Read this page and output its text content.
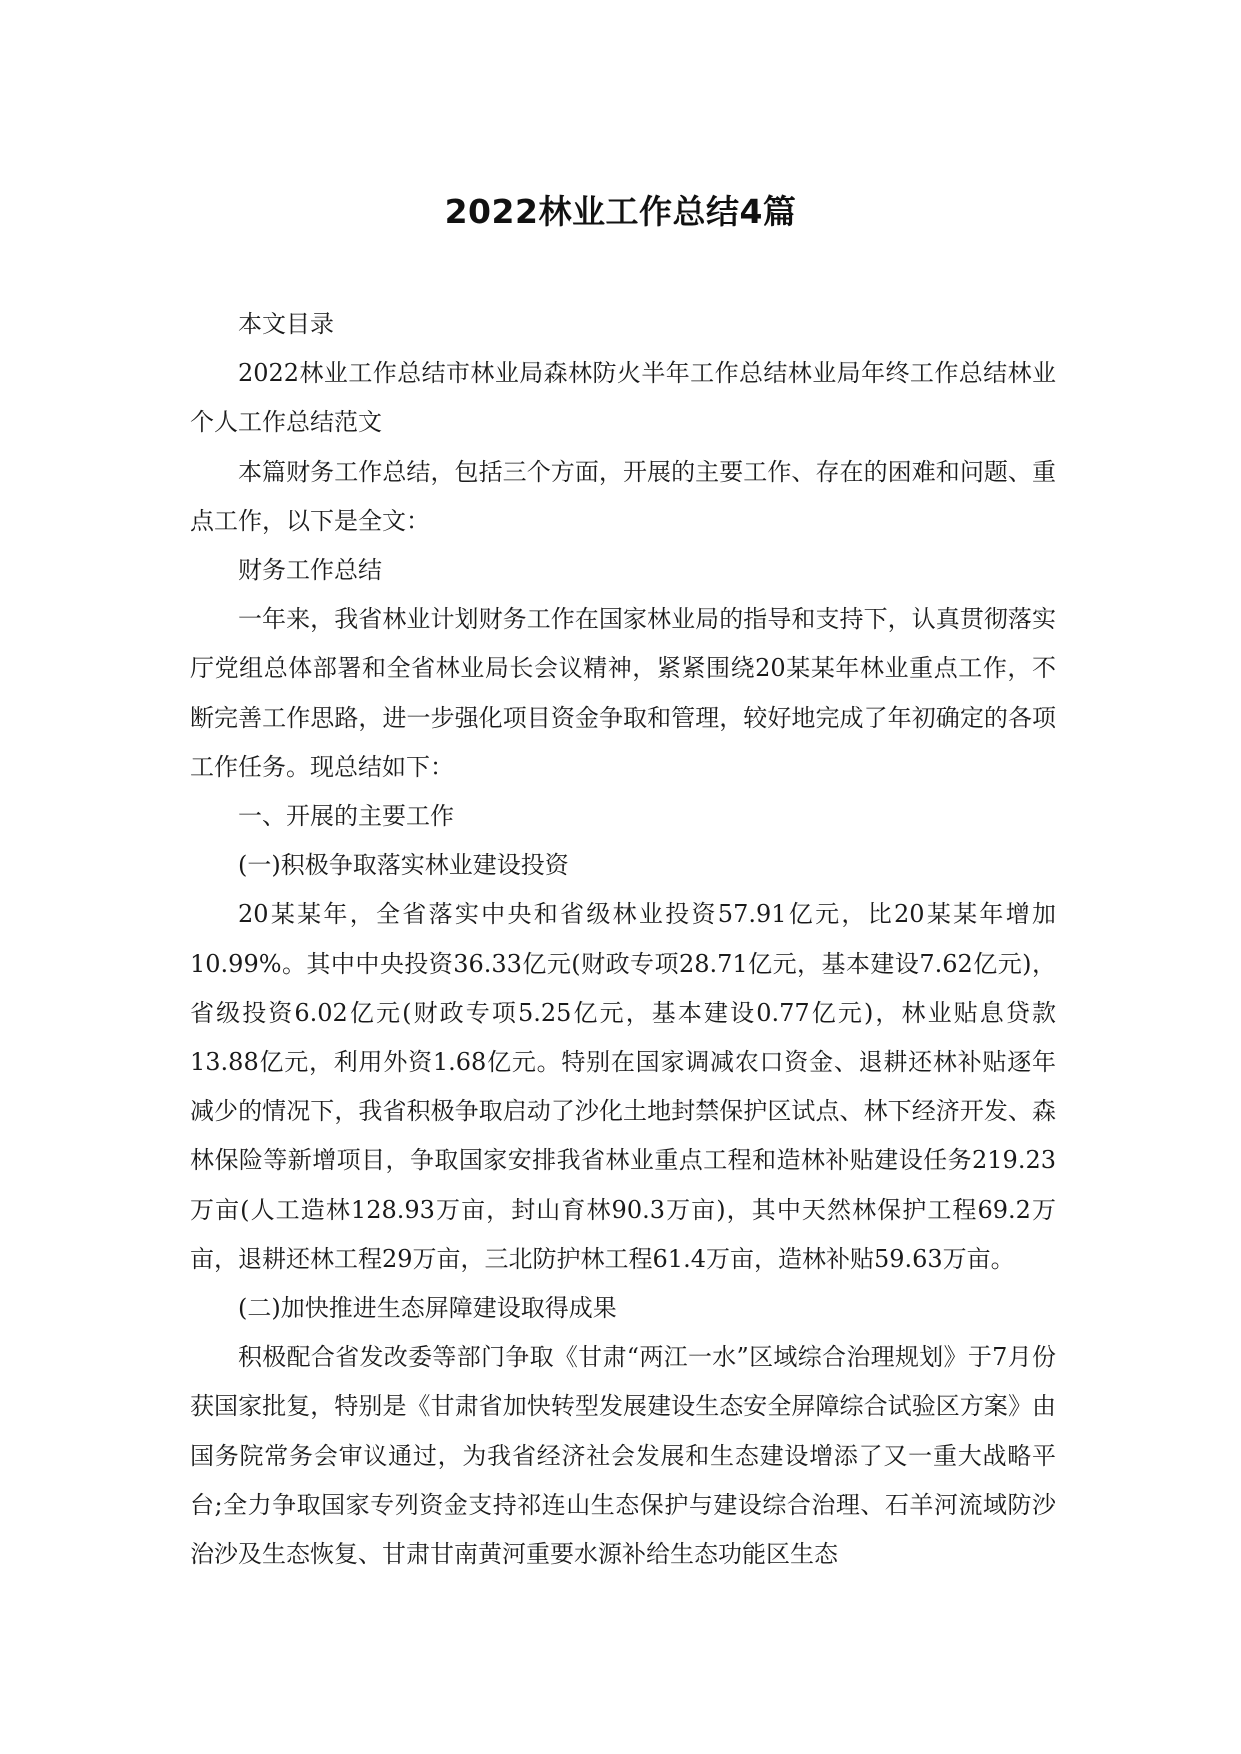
2022林业工作总结4篇

本文目录

2022林业工作总结市林业局森林防火半年工作总结林业局年终工作总结林业个人工作总结范文

本篇财务工作总结，包括三个方面，开展的主要工作、存在的困难和问题、重点工作，以下是全文：

财务工作总结

一年来，我省林业计划财务工作在国家林业局的指导和支持下，认真贯彻落实厅党组总体部署和全省林业局长会议精神，紧紧围绕20某某年林业重点工作，不断完善工作思路，进一步强化项目资金争取和管理，较好地完成了年初确定的各项工作任务。现总结如下：

一、开展的主要工作

(一)积极争取落实林业建设投资

20某某年，全省落实中央和省级林业投资57.91亿元，比20某某年增加10.99%。其中中央投资36.33亿元(财政专项28.71亿元，基本建设7.62亿元)，省级投资6.02亿元(财政专项5.25亿元，基本建设0.77亿元)，林业贴息贷款13.88亿元，利用外资1.68亿元。特别在国家调减农口资金、退耕还林补贴逐年减少的情况下，我省积极争取启动了沙化土地封禁保护区试点、林下经济开发、森林保险等新增项目，争取国家安排我省林业重点工程和造林补贴建设任务219.23万亩(人工造林128.93万亩，封山育林90.3万亩)，其中天然林保护工程69.2万亩，退耕还林工程29万亩，三北防护林工程61.4万亩，造林补贴59.63万亩。

(二)加快推进生态屏障建设取得成果

积极配合省发改委等部门争取《甘肃“两江一水”区域综合治理规划》于7月份获国家批复，特别是《甘肃省加快转型发展建设生态安全屏障综合试验区方案》由国务院常务会审议通过，为我省经济社会发展和生态建设增添了又一重大战略平台;全力争取国家专列资金支持祁连山生态保护与建设综合治理、石羊河流域防沙治沙及生态恢复、甘肃甘南黄河重要水源补给生态功能区生态
